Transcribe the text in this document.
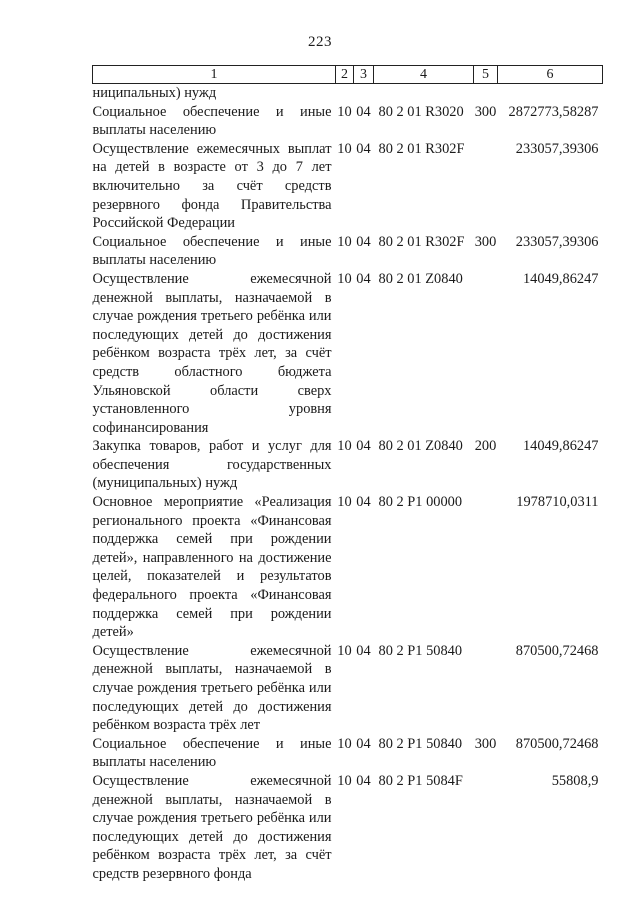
223
1	2	3	4	5	6
ниципальных) нужд					
Социальное обеспечение и иные выплаты населению	10	04	80 2 01 R3020	300	2872773,58287
Осуществление ежемесячных выплат на детей в возрасте от 3 до 7 лет включительно за счёт средств резервного фонда Правительства Российской Федерации	10	04	80 2 01 R302F		233057,39306
Социальное обеспечение и иные выплаты населению	10	04	80 2 01 R302F	300	233057,39306
Осуществление ежемесячной денежной выплаты, назначаемой в случае рождения третьего ребёнка или последующих детей до достижения ребёнком возраста трёх лет, за счёт средств областного бюджета Ульяновской области сверх установленного уровня софинансирования	10	04	80 2 01 Z0840		14049,86247
Закупка товаров, работ и услуг для обеспечения государственных (муниципальных) нужд	10	04	80 2 01 Z0840	200	14049,86247
Основное мероприятие «Реализация регионального проекта «Финансовая поддержка семей при рождении детей», направленного на достижение целей, показателей и результатов федерального проекта «Финансовая поддержка семей при рождении детей»	10	04	80 2 P1 00000		1978710,0311
Осуществление ежемесячной денежной выплаты, назначаемой в случае рождения третьего ребёнка или последующих детей до достижения ребёнком возраста трёх лет	10	04	80 2 P1 50840		870500,72468
Социальное обеспечение и иные выплаты населению	10	04	80 2 P1 50840	300	870500,72468
Осуществление ежемесячной денежной выплаты, назначаемой в случае рождения третьего ребёнка или последующих детей до достижения ребёнком возраста трёх лет, за счёт средств резервного фонда	10	04	80 2 P1 5084F		55808,9
